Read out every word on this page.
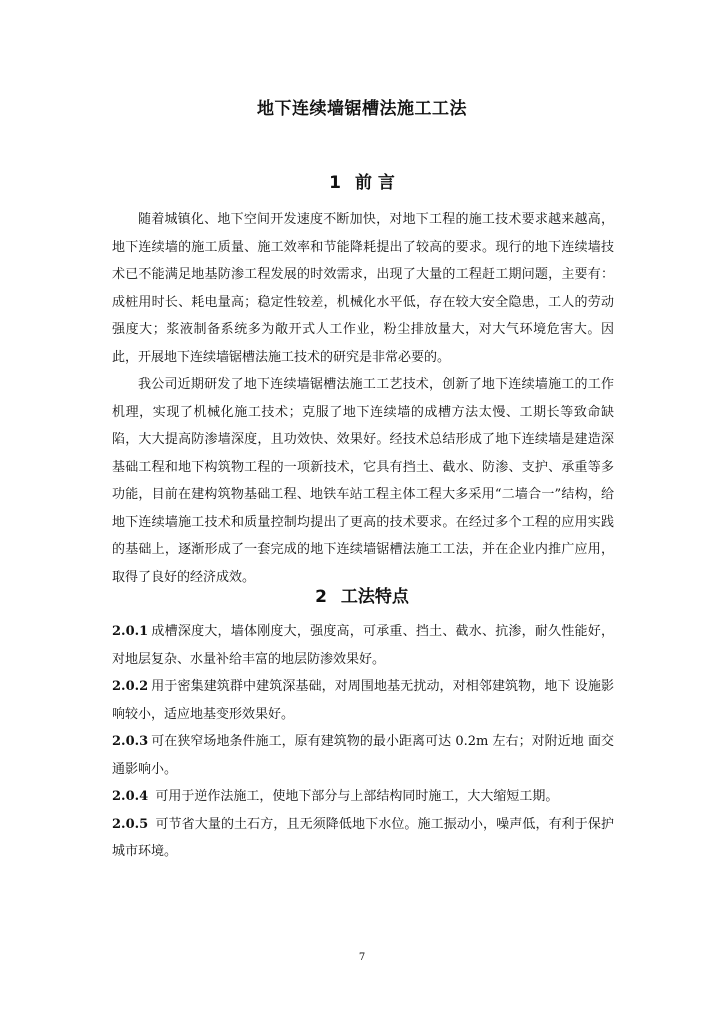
地下连续墙锯槽法施工工法
1 前 言

随着城镇化、地下空间开发速度不断加快，对地下工程的施工技术要求越来越高，地下连续墙的施工质量、施工效率和节能降耗提出了较高的要求。现行的地下连续墙技术已不能满足地基防渗工程发展的时效需求，出现了大量的工程赶工期问题，主要有：成桩用时长、耗电量高；稳定性较差，机械化水平低，存在较大安全隐患，工人的劳动强度大；浆液制备系统多为敞开式人工作业，粉尘排放量大，对大气环境危害大。因此，开展地下连续墙锯槽法施工技术的研究是非常必要的。

我公司近期研发了地下连续墙锯槽法施工工艺技术，创新了地下连续墙施工的工作机理，实现了机械化施工技术；克服了地下连续墙的成槽方法太慢、工期长等致命缺陷，大大提高防渗墙深度，且功效快、效果好。经技术总结形成了地下连续墙是建造深基础工程和地下构筑物工程的一项新技术，它具有挡土、截水、防渗、支护、承重等多功能，目前在建构筑物基础工程、地铁车站工程主体工程大多采用“二墙合一”结构，给地下连续墙施工技术和质量控制均提出了更高的技术要求。在经过多个工程的应用实践的基础上，逐渐形成了一套完成的地下连续墙锯槽法施工工法，并在企业内推广应用，取得了良好的经济成效。

2 工法特点
2.0.1 成槽深度大，墙体刚度大，强度高，可承重、挡土、截水、抗渗，耐久性能好，对地层复杂、水量补给丰富的地层防渗效果好。
2.0.2 用于密集建筑群中建筑深基础，对周围地基无扰动，对相邻建筑物，地下 设施影响较小，适应地基变形效果好。
2.0.3 可在狭窄场地条件施工，原有建筑物的最小距离可达 0.2m 左右；对附近地 面交通影响小。
2.0.4 可用于逆作法施工，使地下部分与上部结构同时施工，大大缩短工期。
2.0.5 可节省大量的土石方，且无须降低地下水位。施工振动小，噪声低，有利于保护城市环境。
7
